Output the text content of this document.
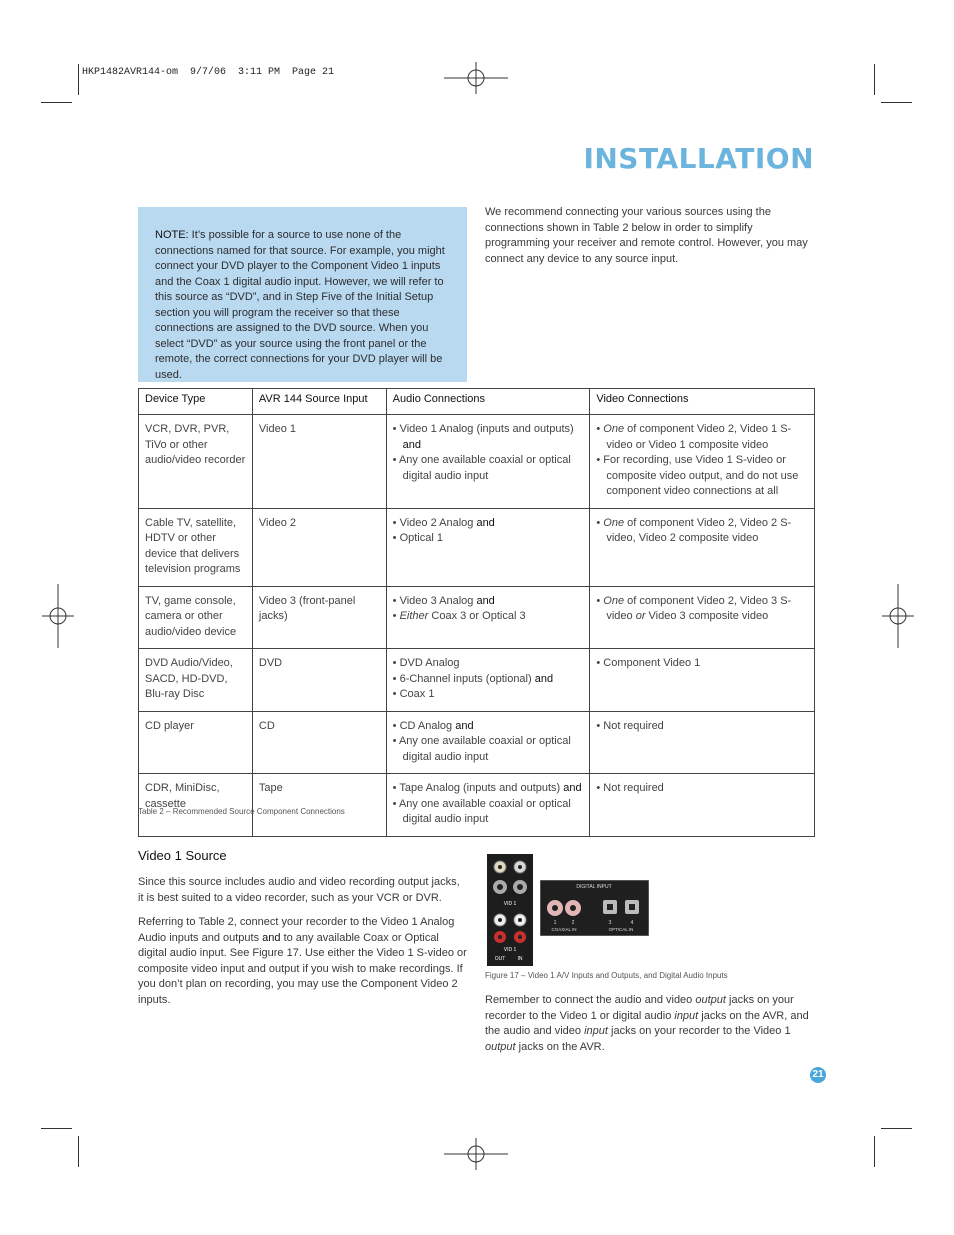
HKP1482AVR144-om  9/7/06  3:11 PM  Page 21
INSTALLATION
NOTE: It’s possible for a source to use none of the connections named for that source. For example, you might connect your DVD player to the Component Video 1 inputs and the Coax 1 digital audio input. However, we will refer to this source as “DVD”, and in Step Five of the Initial Setup section you will program the receiver so that these connections are assigned to the DVD source. When you select “DVD” as your source using the front panel or the remote, the correct connections for your DVD player will be used.
We recommend connecting your various sources using the connections shown in Table 2 below in order to simplify programming your receiver and remote control. However, you may connect any device to any source input.
Device Type	AVR 144 Source Input	Audio Connections	Video Connections
VCR, DVR, PVR, TiVo or other audio/video recorder	Video 1	• Video 1 Analog (inputs and outputs)
and
• Any one available coaxial or optical digital audio input	• One of component Video 2, Video 1 S-video or Video 1 composite video
• For recording, use Video 1 S-video or composite video output, and do not use component video connections at all

Cable TV, satellite, HDTV or other device that delivers television programs	Video 2	• Video 2 Analog and
• Optical 1	• One of component Video 2, Video 2 S-video, Video 2 composite video

TV, game console, camera or other audio/video device	Video 3 (front-panel jacks)	• Video 3 Analog and
• Either Coax 3 or Optical 3	• One of component Video 2, Video 3 S-video or Video 3 composite video

DVD Audio/Video, SACD, HD-DVD, Blu-ray Disc	DVD	• DVD Analog
• 6-Channel inputs (optional) and
• Coax 1	• Component Video 1

CD player	CD	• CD Analog and
• Any one available coaxial or optical digital audio input	• Not required

CDR, MiniDisc, cassette	Tape	• Tape Analog (inputs and outputs) and
• Any one available coaxial or optical digital audio input	• Not required
Table 2 – Recommended Source Component Connections
Video 1 Source
Since this source includes audio and video recording output jacks, it is best suited to a video recorder, such as your VCR or DVR.
Referring to Table 2, connect your recorder to the Video 1 Analog Audio inputs and outputs and to any available Coax or Optical digital audio input. See Figure 17. Use either the Video 1 S-video or composite video input and output if you wish to make recordings. If you don’t plan on recording, you may use the Component Video 2 inputs.
VID 1
VID 1
OUT IN
DIGITAL INPUT
1	2	3	4
COAXIAL IN	OPTICAL IN
Figure 17 – Video 1 A/V Inputs and Outputs, and Digital Audio Inputs
Remember to connect the audio and video output jacks on your recorder to the Video 1 or digital audio input jacks on the AVR, and the audio and video input jacks on your recorder to the Video 1 output jacks on the AVR.
21
